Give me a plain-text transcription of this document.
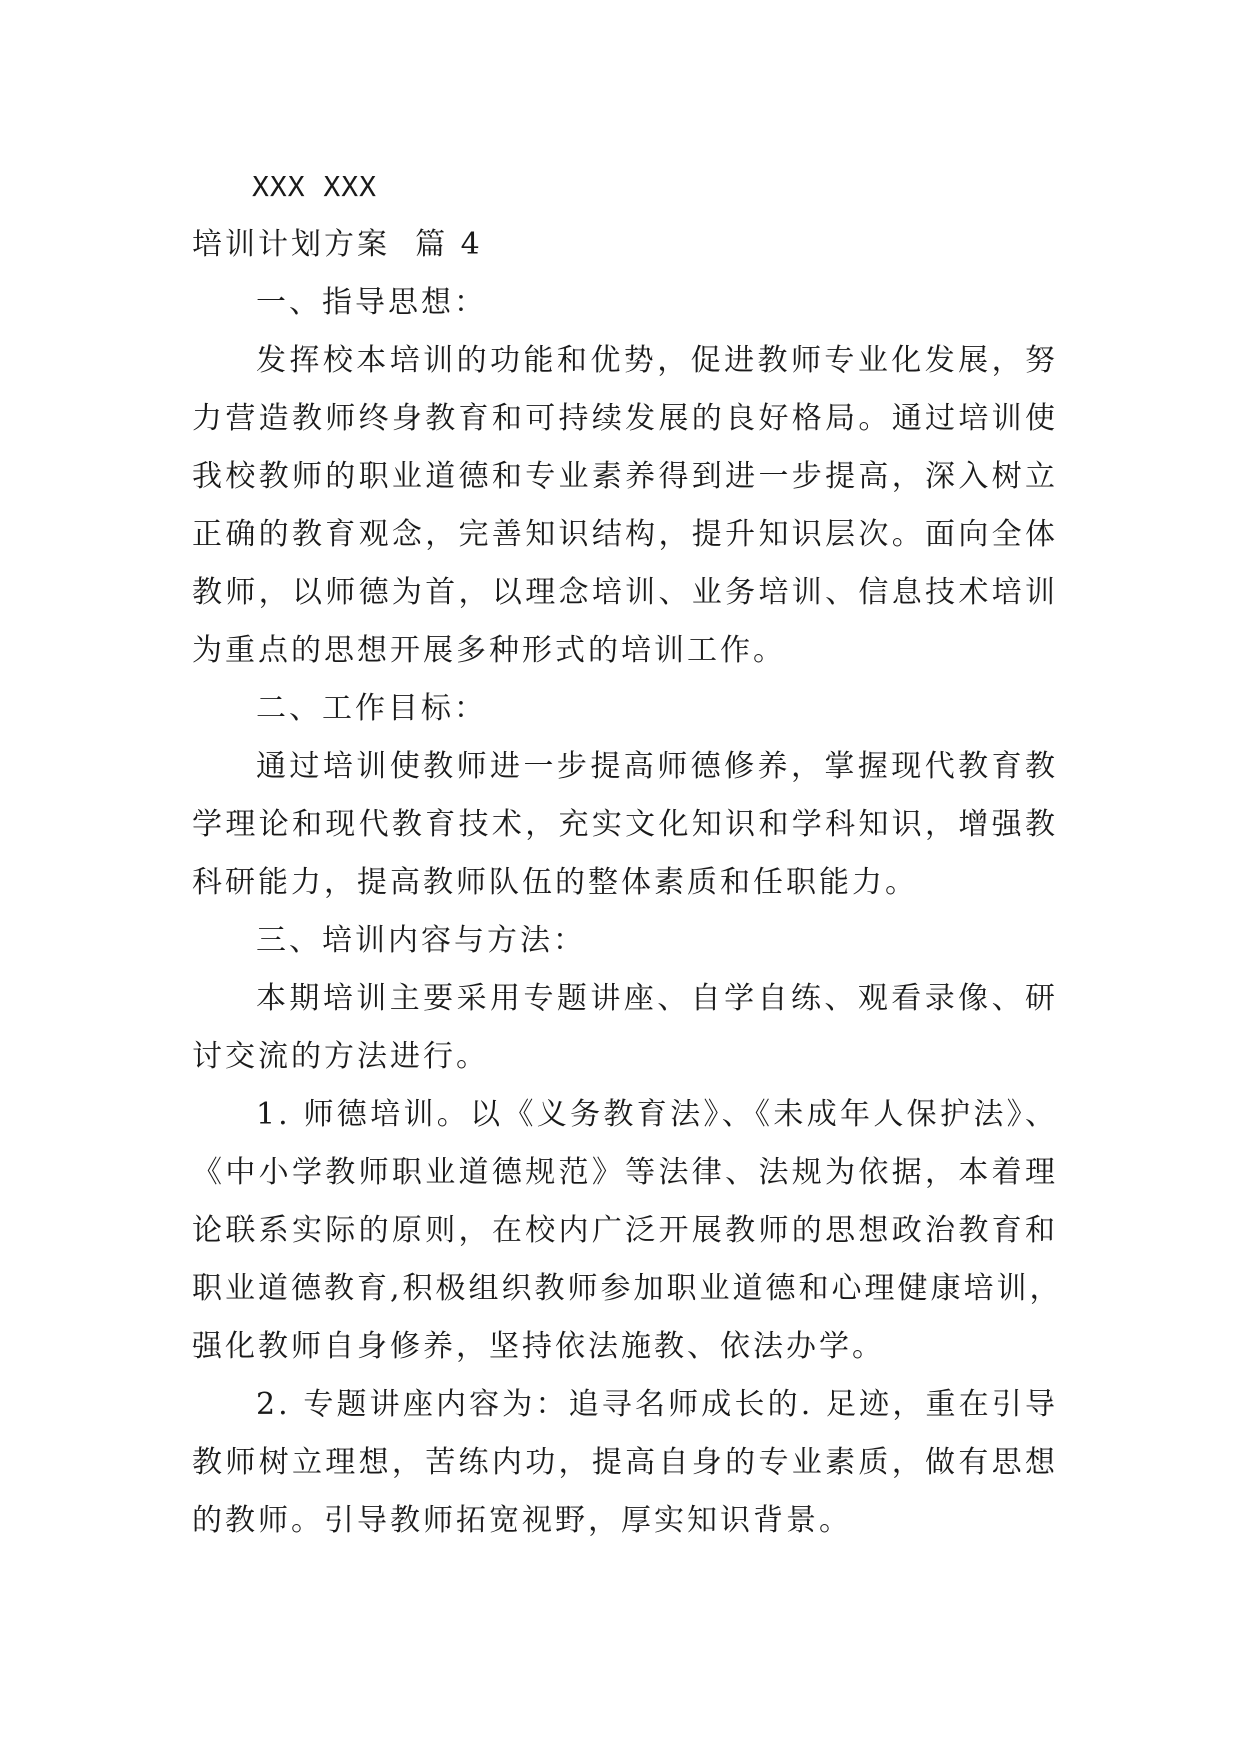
XXX XXX
培训计划方案  篇 4
一、指导思想：
发挥校本培训的功能和优势，促进教师专业化发展，努
力营造教师终身教育和可持续发展的良好格局。通过培训使
我校教师的职业道德和专业素养得到进一步提高，深入树立
正确的教育观念，完善知识结构，提升知识层次。面向全体
教师，以师德为首，以理念培训、业务培训、信息技术培训
为重点的思想开展多种形式的培训工作。
二、工作目标：
通过培训使教师进一步提高师德修养，掌握现代教育教
学理论和现代教育技术，充实文化知识和学科知识，增强教
科研能力，提高教师队伍的整体素质和任职能力。
三、培训内容与方法：
本期培训主要采用专题讲座、自学自练、观看录像、研
讨交流的方法进行。
1. 师德培训。以《义务教育法》、《未成年人保护法》、
《中小学教师职业道德规范》等法律、法规为依据，本着理
论联系实际的原则，在校内广泛开展教师的思想政治教育和
职业道德教育,积极组织教师参加职业道德和心理健康培训，
强化教师自身修养，坚持依法施教、依法办学。
2. 专题讲座内容为：追寻名师成长的. 足迹，重在引导
教师树立理想，苦练内功，提高自身的专业素质，做有思想
的教师。引导教师拓宽视野，厚实知识背景。
